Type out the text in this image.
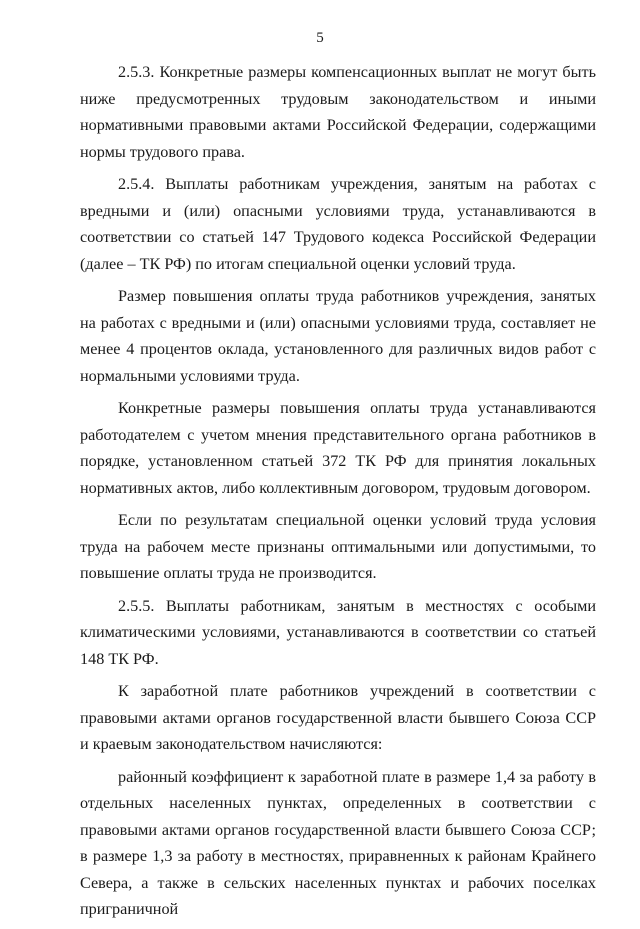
5

2.5.3. Конкретные размеры компенсационных выплат не могут быть ниже предусмотренных трудовым законодательством и иными нормативными правовыми актами Российской Федерации, содержащими нормы трудового права.

2.5.4. Выплаты работникам учреждения, занятым на работах с вредными и (или) опасными условиями труда, устанавливаются в соответствии со статьей 147 Трудового кодекса Российской Федерации (далее – ТК РФ) по итогам специальной оценки условий труда.

Размер повышения оплаты труда работников учреждения, занятых на работах с вредными и (или) опасными условиями труда, составляет не менее 4 процентов оклада, установленного для различных видов работ с нормальными условиями труда.

Конкретные размеры повышения оплаты труда устанавливаются работодателем с учетом мнения представительного органа работников в порядке, установленном статьей 372 ТК РФ для принятия локальных нормативных актов, либо коллективным договором, трудовым договором.

Если по результатам специальной оценки условий труда условия труда на рабочем месте признаны оптимальными или допустимыми, то повышение оплаты труда не производится.

2.5.5. Выплаты работникам, занятым в местностях с особыми климатическими условиями, устанавливаются в соответствии со статьей 148 ТК РФ.

К заработной плате работников учреждений в соответствии с правовыми актами органов государственной власти бывшего Союза ССР и краевым законодательством начисляются:

районный коэффициент к заработной плате в размере 1,4 за работу в отдельных населенных пунктах, определенных в соответствии с правовыми актами органов государственной власти бывшего Союза ССР; в размере 1,3 за работу в местностях, приравненных к районам Крайнего Севера, а также в сельских населенных пунктах и рабочих поселках приграничной
